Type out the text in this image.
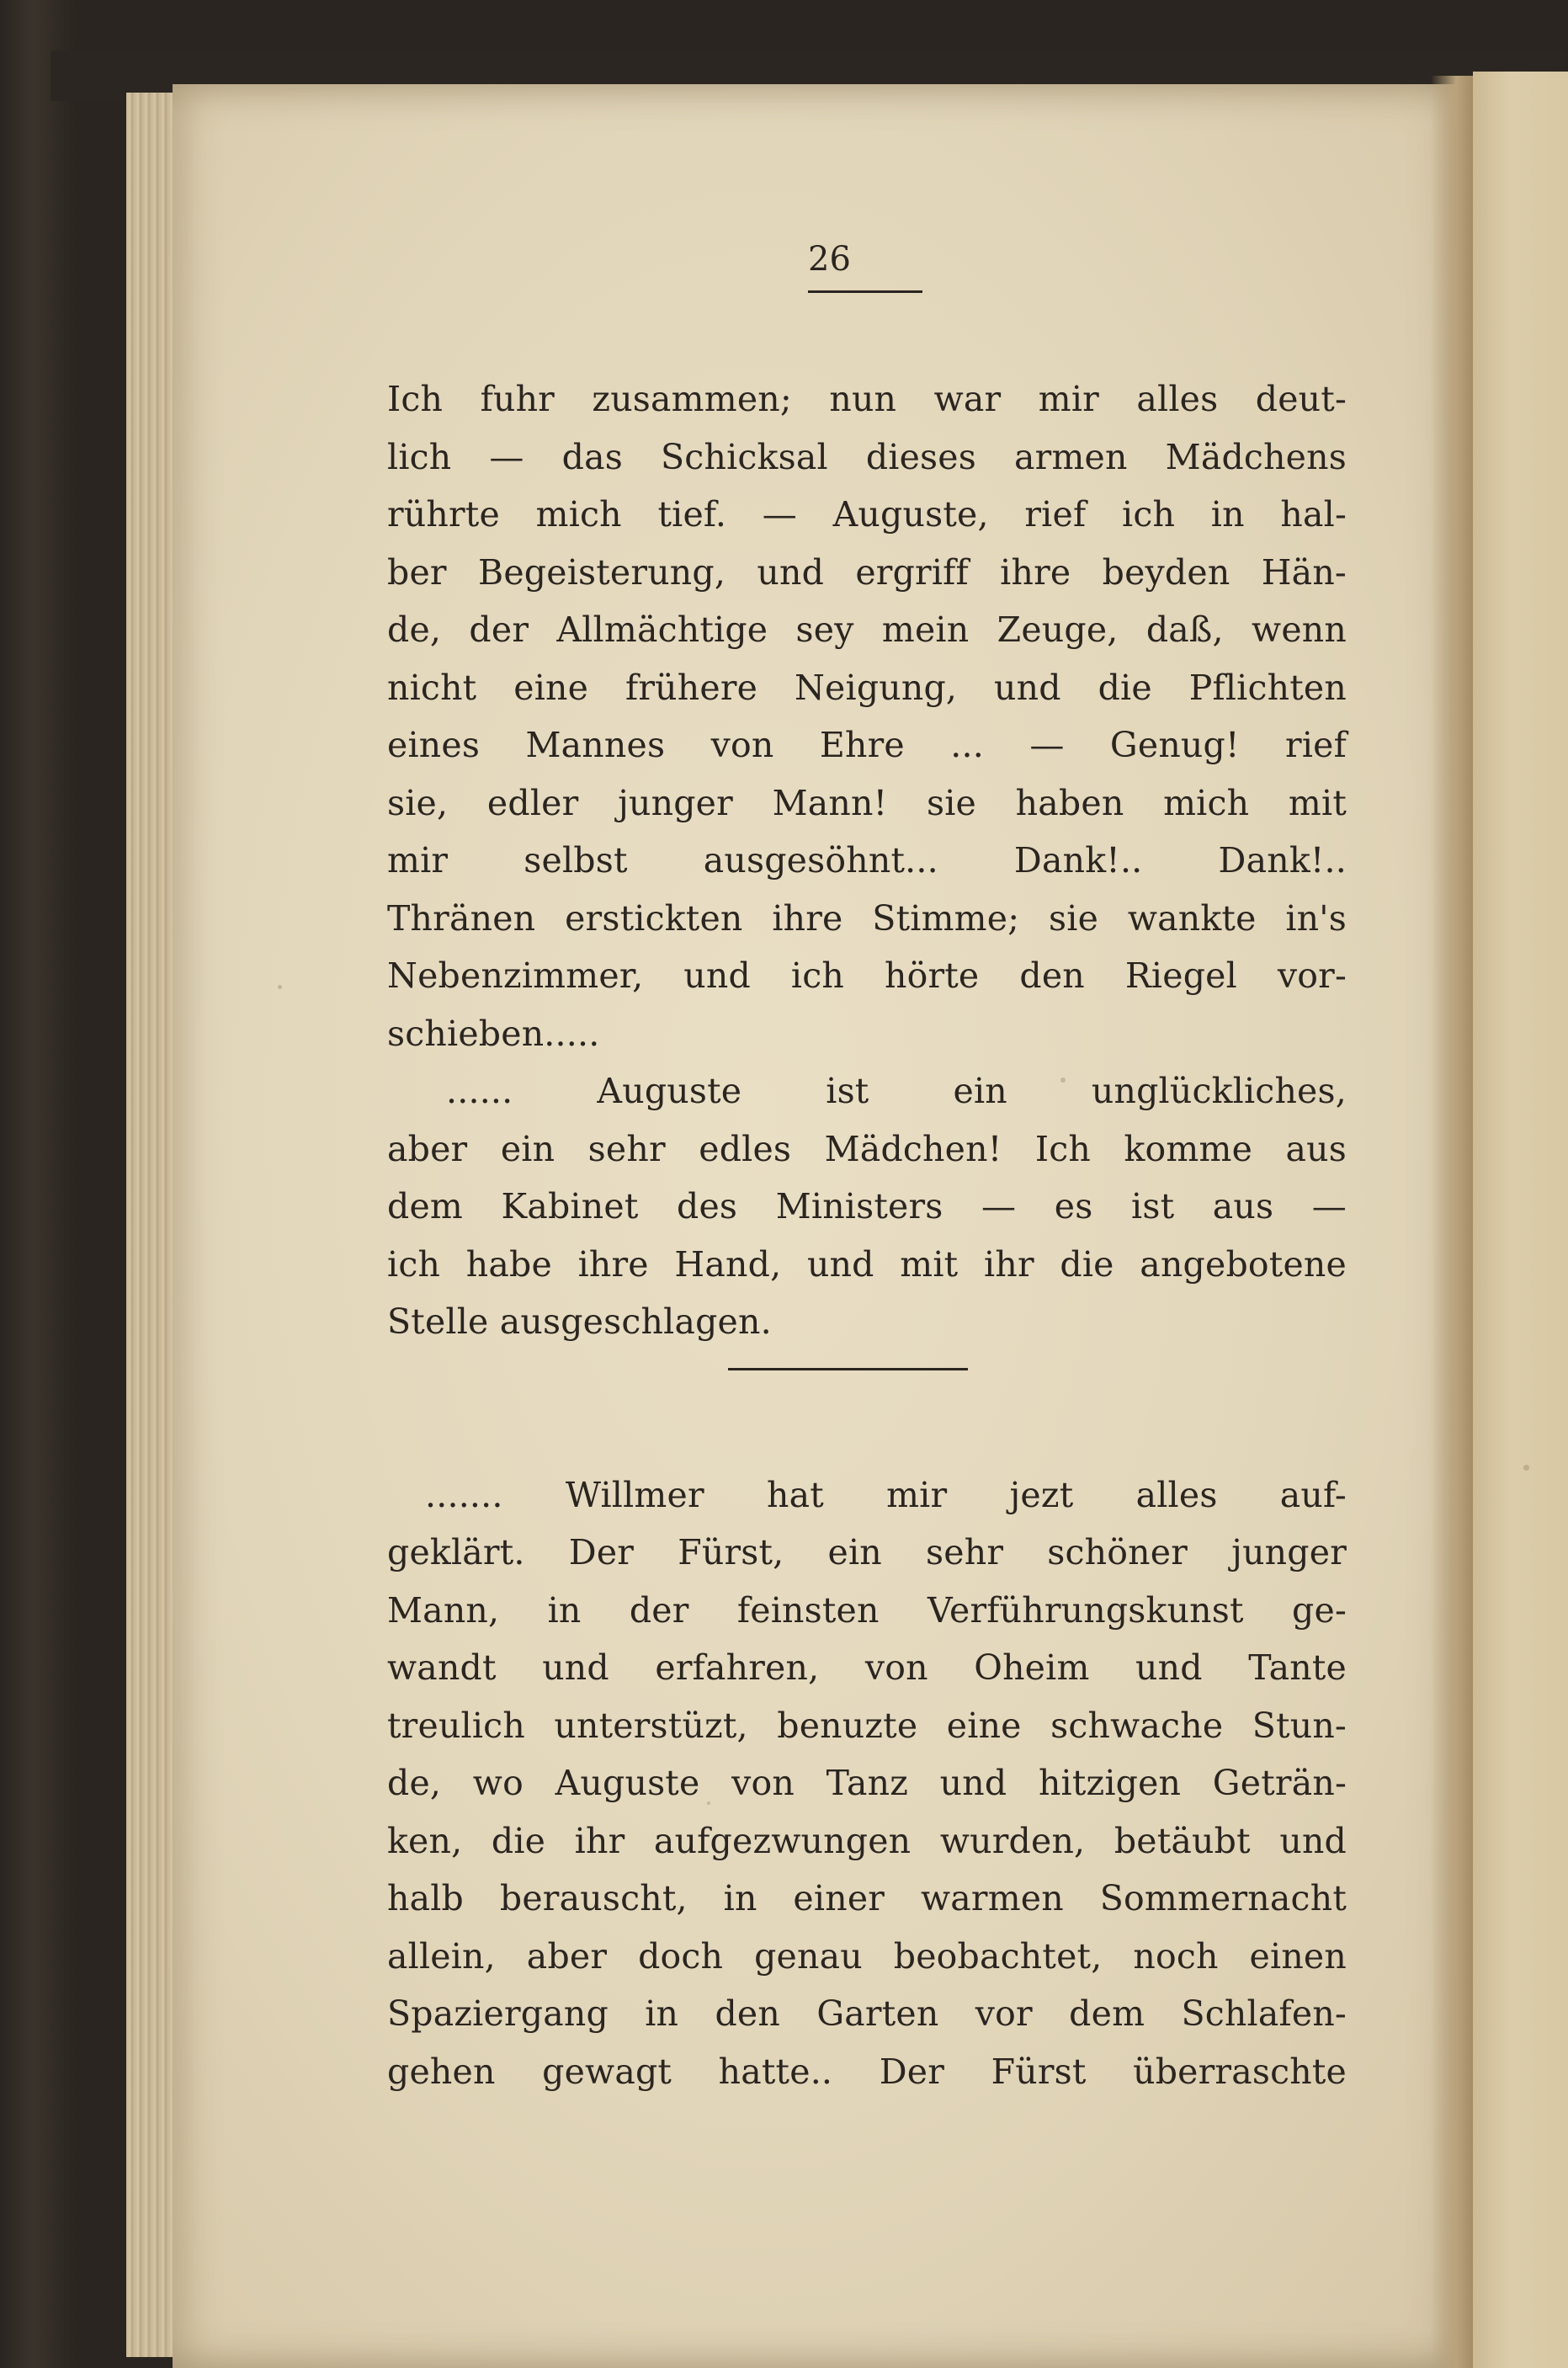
26
Ich fuhr zusammen; nun war mir alles deut-
lich — das Schicksal dieses armen Mädchens
rührte mich tief. — Auguste, rief ich in hal-
ber Begeisterung, und ergriff ihre beyden Hän-
de, der Allmächtige sey mein Zeuge, daß, wenn
nicht eine frühere Neigung, und die Pflichten
eines Mannes von Ehre ... — Genug! rief
sie, edler junger Mann! sie haben mich mit
mir selbst ausgesöhnt... Dank!.. Dank!..
Thränen erstickten ihre Stimme; sie wankte in's
Nebenzimmer, und ich hörte den Riegel vor-
schieben.....
...... Auguste ist ein unglückliches,
aber ein sehr edles Mädchen! Ich komme aus
dem Kabinet des Ministers — es ist aus —
ich habe ihre Hand, und mit ihr die angebotene
Stelle ausgeschlagen.
....... Willmer hat mir jezt alles auf-
geklärt. Der Fürst, ein sehr schöner junger
Mann, in der feinsten Verführungskunst ge-
wandt und erfahren, von Oheim und Tante
treulich unterstüzt, benuzte eine schwache Stun-
de, wo Auguste von Tanz und hitzigen Geträn-
ken, die ihr aufgezwungen wurden, betäubt und
halb berauscht, in einer warmen Sommernacht
allein, aber doch genau beobachtet, noch einen
Spaziergang in den Garten vor dem Schlafen-
gehen gewagt hatte.. Der Fürst überraschte
